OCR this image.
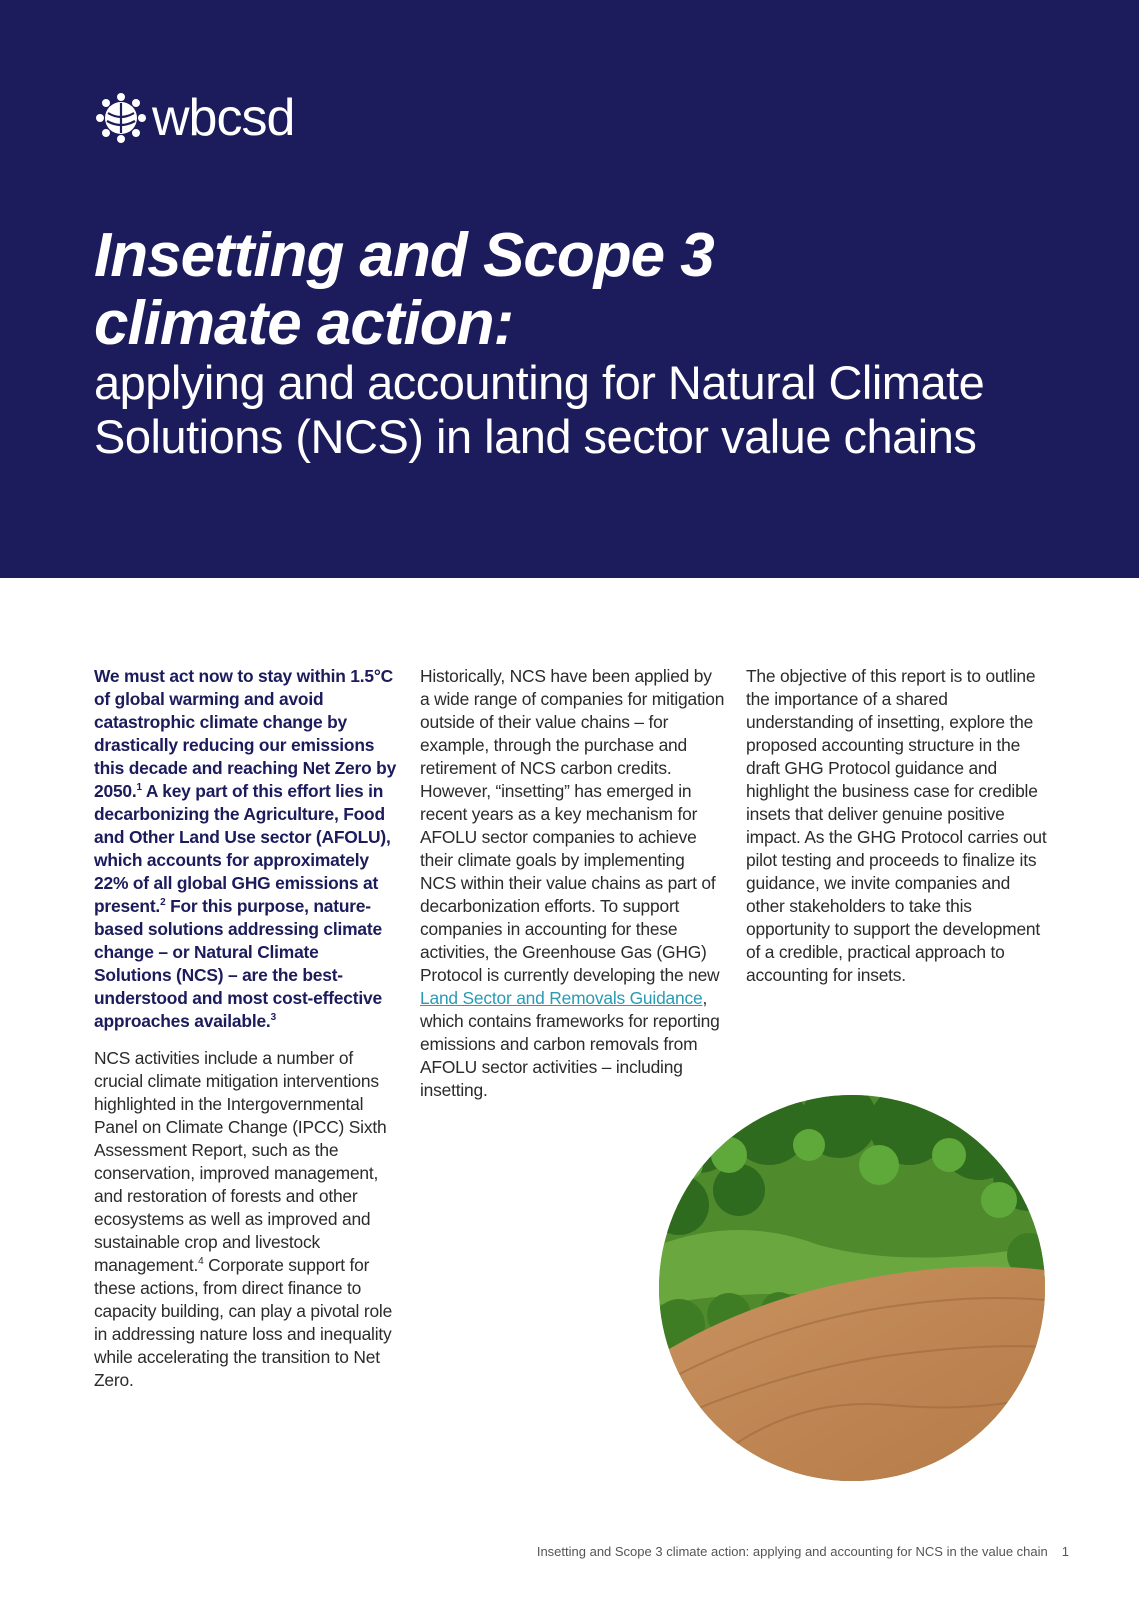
wbcsd
Insetting and Scope 3
climate action:
applying and accounting for Natural Climate
Solutions (NCS) in land sector value chains

We must act now to stay within 1.5°C of global warming and avoid catastrophic climate change by drastically reducing our emissions this decade and reaching Net Zero by 2050.$^1$ A key part of this effort lies in decarbonizing the Agriculture, Food and Other Land Use sector (AFOLU), which accounts for approximately 22% of all global GHG emissions at present.$^2$ For this purpose, nature-based solutions addressing climate change – or Natural Climate Solutions (NCS) – are the best-understood and most cost-effective approaches available.$^3$

NCS activities include a number of crucial climate mitigation interventions highlighted in the Intergovernmental Panel on Climate Change (IPCC) Sixth Assessment Report, such as the conservation, improved management, and restoration of forests and other ecosystems as well as improved and sustainable crop and livestock management.$^4$ Corporate support for these actions, from direct finance to capacity building, can play a pivotal role in addressing nature loss and inequality while accelerating the transition to Net Zero.

Historically, NCS have been applied by a wide range of companies for mitigation outside of their value chains – for example, through the purchase and retirement of NCS carbon credits. However, “insetting” has emerged in recent years as a key mechanism for AFOLU sector companies to achieve their climate goals by implementing NCS within their value chains as part of decarbonization efforts. To support companies in accounting for these activities, the Greenhouse Gas (GHG) Protocol is currently developing the new Land Sector and Removals Guidance, which contains frameworks for reporting emissions and carbon removals from AFOLU sector activities – including insetting.

The objective of this report is to outline the importance of a shared understanding of insetting, explore the proposed accounting structure in the draft GHG Protocol guidance and highlight the business case for credible insets that deliver genuine positive impact. As the GHG Protocol carries out pilot testing and proceeds to finalize its guidance, we invite companies and other stakeholders to take this opportunity to support the development of a credible, practical approach to accounting for insets.

Insetting and Scope 3 climate action: applying and accounting for NCS in the value chain 1
